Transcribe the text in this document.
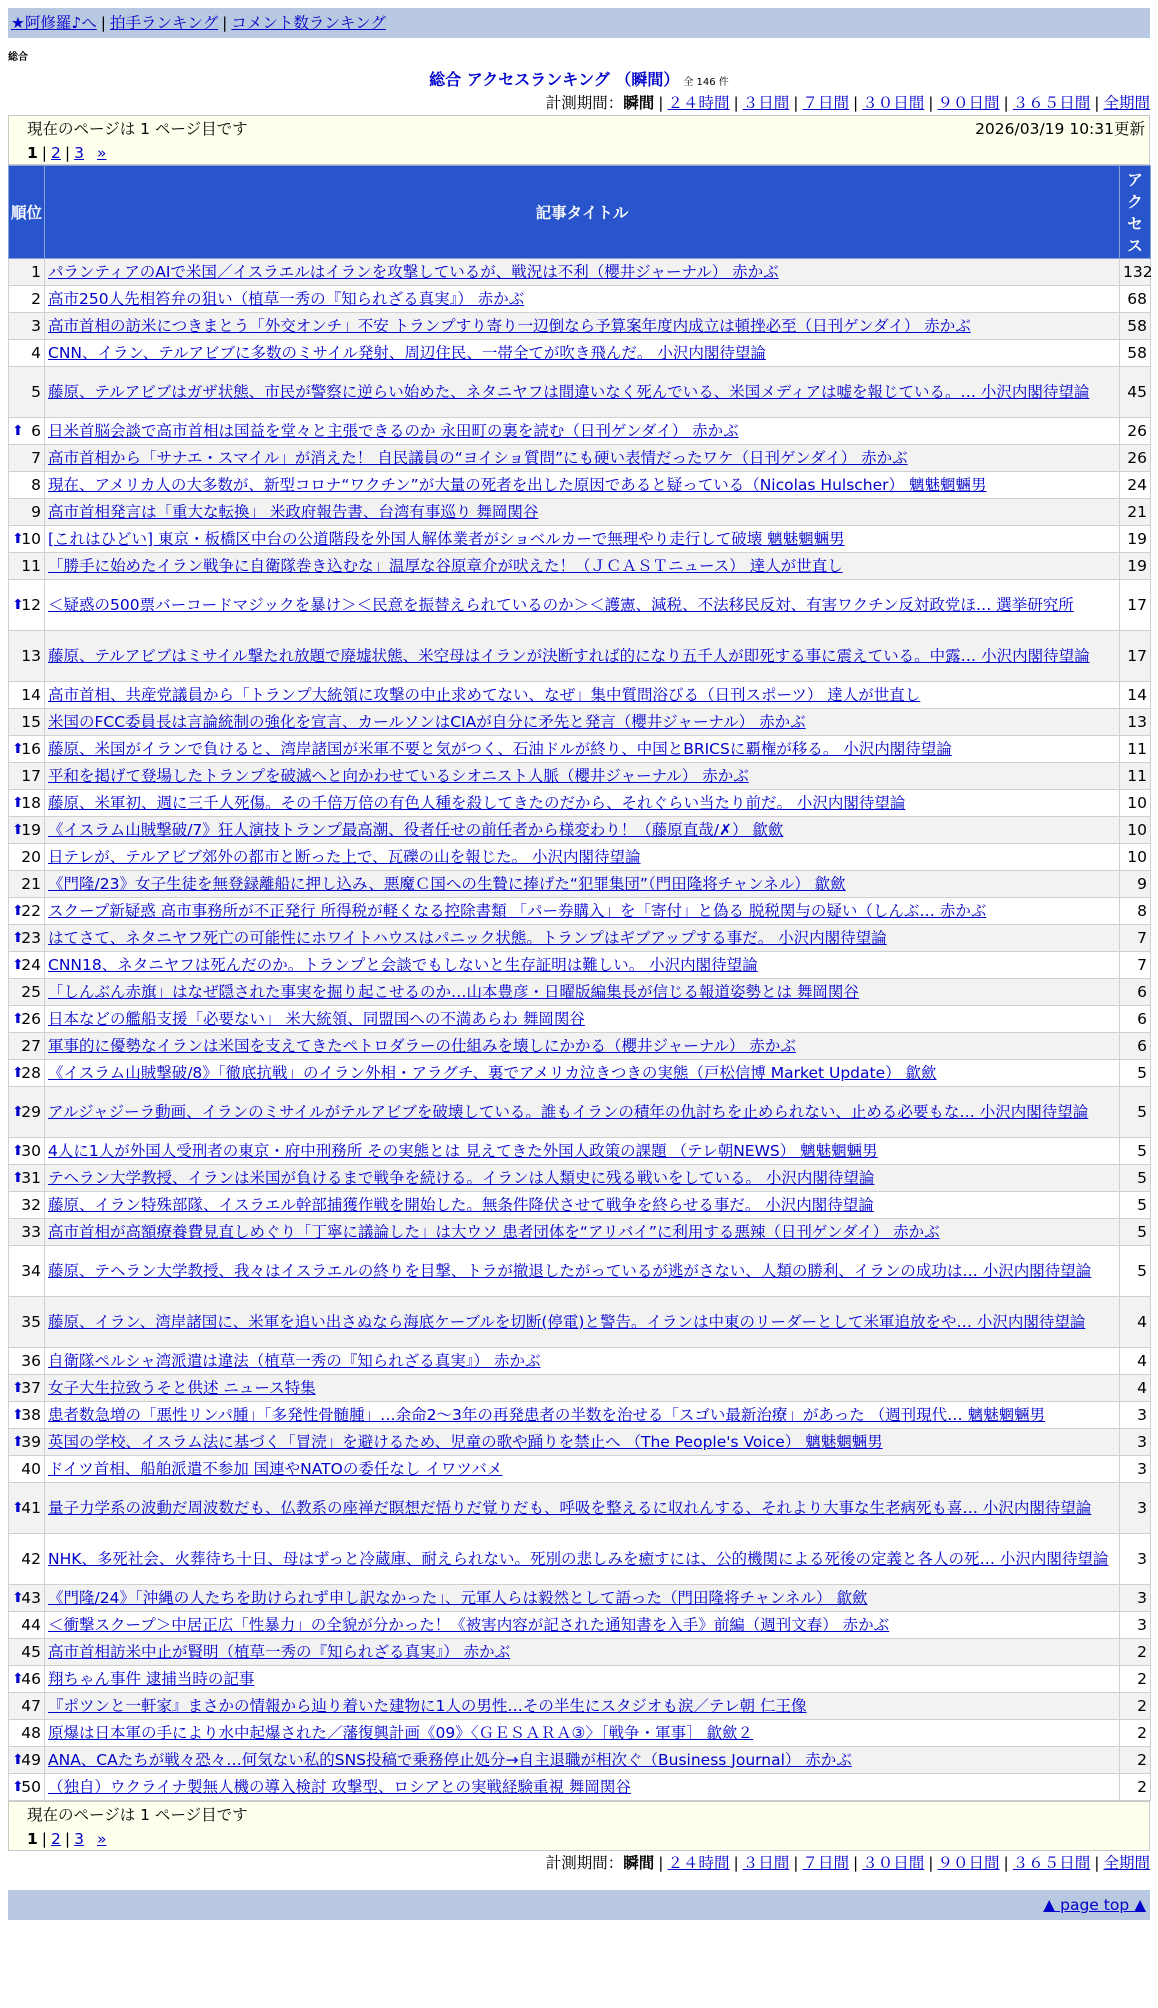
★阿修羅♪へ | 拍手ランキング | コメント数ランキング
総合
総合 アクセスランキング （瞬間） 全 146 件
計測期間：瞬間 | ２４時間 | ３日間 | ７日間 | ３０日間 | ９０日間 | ３６５日間 | 全期間
現在のページは 1 ページ目です	2026/03/19 10:31更新
1 | 2 | 3 »
順位	記事タイトル	アクセス
1	パランティアのAIで米国／イスラエルはイランを攻撃しているが、戦況は不利（櫻井ジャーナル） 赤かぶ	132
2	高市250人先相笞弁の狙い（植草一秀の『知られざる真実』） 赤かぶ	68
3	高市首相の訪米につきまとう「外交オンチ」不安 トランプすり寄り一辺倒なら予算案年度内成立は頓挫必至（日刊ゲンダイ） 赤かぶ	58
4	CNN、イラン、テルアビブに多数のミサイル発射、周辺住民、一帯全てが吹き飛んだ。 小沢内閣待望論	58
5	藤原、テルアビブはガザ状態、市民が警察に逆らい始めた、ネタニヤフは間違いなく死んでいる、米国メディアは嘘を報じている。… 小沢内閣待望論	45

⬆ 6	日米首脳会談で高市首相は国益を堂々と主張できるのか 永田町の裏を読む（日刊ゲンダイ） 赤かぶ	26
7	高市首相から「サナエ・スマイル」が消えた！ 自民議員の“ヨイショ質問”にも硬い表情だったワケ（日刊ゲンダイ） 赤かぶ	26
8	現在、アメリカ人の大多数が、新型コロナ“ワクチン”が大量の死者を出した原因であると疑っている（Nicolas Hulscher） 魑魅魍魎男	24
9	高市首相発言は「重大な転換」 米政府報告書、台湾有事巡り 舞岡関谷	21

⬆
10	[これはひどい] 東京・板橋区中台の公道階段を外国人解体業者がショベルカーで無理やり走行して破壊 魑魅魍魎男	19
11	「勝手に始めたイラン戦争に自衛隊巻き込むな」温厚な谷原章介が吠えた！（ＪＣＡＳＴニュース） 達人が世直し	19

⬆
12	＜疑惑の500票バーコードマジックを暴け＞＜民意を振替えられているのか＞＜護憲、減税、不法移民反対、有害ワクチン反対政党ほ… 選挙研究所	17
13	藤原、テルアビブはミサイル撃たれ放題で廃墟状態、米空母はイランが決断すれば的になり五千人が即死する事に震えている。中露… 小沢内閣待望論	17
14	高市首相、共産党議員から「トランプ大統領に攻撃の中止求めてない、なぜ」集中質問浴びる（日刊スポーツ） 達人が世直し	14
15	米国のFCC委員長は言論統制の強化を宣言、カールソンはCIAが自分に矛先と発言（櫻井ジャーナル） 赤かぶ	13

⬆
16	藤原、米国がイランで負けると、湾岸諸国が米軍不要と気がつく、石油ドルが終り、中国とBRICSに覇権が移る。 小沢内閣待望論	11
17	平和を掲げて登場したトランプを破滅へと向かわせているシオニスト人脈（櫻井ジャーナル） 赤かぶ	11

⬆
18	藤原、米軍初、週に三千人死傷。その千倍万倍の有色人種を殺してきたのだから、それぐらい当たり前だ。 小沢内閣待望論	10

⬆
19	《イスラム山賊撃破/7》狂人演技トランプ最高潮、役者任せの前任者から様変わり！（藤原直哉/✗） 歙歛	10
20	日テレが、テルアビブ郊外の都市と断った上で、瓦礫の山を報じた。 小沢内閣待望論	10
21	《門隆/23》女子生徒を無登録離船に押し込み、悪魔Ｃ国への生贄に捧げた“犯罪集団”（門田隆将チャンネル） 歙歛	9

⬆
22	スクープ新疑惑 高市事務所が不正発行 所得税が軽くなる控除書類 「パー券購入」を「寄付」と偽る 脱税関与の疑い（しんぶ… 赤かぶ	8

⬆
23	はてさて、ネタニヤフ死亡の可能性にホワイトハウスはパニック状態。トランプはギブアップする事だ。 小沢内閣待望論	7

⬆
24	CNN18、ネタニヤフは死んだのか。トランプと会談でもしないと生存証明は難しい。 小沢内閣待望論	7
25	「しんぶん赤旗」はなぜ隠された事実を掘り起こせるのか…山本豊彦・日曜版編集長が信じる報道姿勢とは 舞岡関谷	6

⬆
26	日本などの艦船支援「必要ない」 米大統領、同盟国への不満あらわ 舞岡関谷	6
27	軍事的に優勢なイランは米国を支えてきたペトロダラーの仕組みを壊しにかかる（櫻井ジャーナル） 赤かぶ	6

⬆
28	《イスラム山賊撃破/8》「徹底抗戦」のイラン外相・アラグチ、裏でアメリカ泣きつきの実態（戸松信博 Market Update） 歙歛	5

⬆
29	アルジャジーラ動画、イランのミサイルがテルアビブを破壊している。誰もイランの積年の仇討ちを止められない、止める必要もな… 小沢内閣待望論	5

⬆
30	4人に1人が外国人受刑者の東京・府中刑務所 その実態とは 見えてきた外国人政策の課題 （テレ朝NEWS） 魑魅魍魎男	5

⬆
31	テヘラン大学教授、イランは米国が負けるまで戦争を続ける。イランは人類史に残る戦いをしている。 小沢内閣待望論	5
32	藤原、イラン特殊部隊、イスラエル幹部捕獲作戦を開始した。無条件降伏させて戦争を終らせる事だ。 小沢内閣待望論	5
33	高市首相が高額療養費見直しめぐり「丁寧に議論した」は大ウソ 患者団体を“アリバイ”に利用する悪辣（日刊ゲンダイ） 赤かぶ	5
34	藤原、テヘラン大学教授、我々はイスラエルの終りを目撃、トラが撤退したがっているが逃がさない、人類の勝利、イランの成功は… 小沢内閣待望論	5
35	藤原、イラン、湾岸諸国に、米軍を追い出さぬなら海底ケーブルを切断(停電)と警告。イランは中東のリーダーとして米軍追放をや… 小沢内閣待望論	4
36	自衛隊ペルシャ湾派遣は違法（植草一秀の『知られざる真実』） 赤かぶ	4

⬆
37	女子大生拉致うそと供述 ニュース特集	4

⬆
38	患者数急増の「悪性リンパ腫」「多発性骨髄腫」…余命2～3年の再発患者の半数を治せる「スゴい最新治療」があった （週刊現代… 魑魅魍魎男	3

⬆
39	英国の学校、イスラム法に基づく「冒涜」を避けるため、児童の歌や踊りを禁止へ （The People's Voice） 魑魅魍魎男	3
40	ドイツ首相、船舶派遣不参加 国連やNATOの委任なし イワツバメ	3

⬆
41	量子力学系の波動だ周波数だも、仏教系の座禅だ瞑想だ悟りだ覚りだも、呼吸を整えるに収れんする、それより大事な生老病死も喜… 小沢内閣待望論	3
42	NHK、多死社会、火葬待ち十日、母はずっと冷蔵庫、耐えられない。死別の悲しみを癒すには、公的機関による死後の定義と各人の死… 小沢内閣待望論	3

⬆
43	《門隆/24》「沖縄の人たちを助けられず申し訳なかった」、元軍人らは毅然として語った（門田隆将チャンネル） 歙歛	3
44	＜衝撃スクープ＞中居正広「性暴力」の全貌が分かった！《被害内容が記された通知書を入手》前編（週刊文春） 赤かぶ	3
45	高市首相訪米中止が賢明（植草一秀の『知られざる真実』） 赤かぶ	2

⬆
46	翔ちゃん事件 逮捕当時の記事	2
47	『ポツンと一軒家』まさかの情報から辿り着いた建物に1人の男性…その半生にスタジオも涙／テレ朝 仁王像	2
48	原爆は日本軍の手により水中起爆された／藩復興計画《09》〈ＧＥＳＡＲＡ③〉［戦争・軍事］ 歙歛２	2

⬆
49	ANA、CAたちが戦々恐々…何気ない私的SNS投稿で乗務停止処分→自主退職が相次ぐ（Business Journal） 赤かぶ	2

⬆
50	（独自）ウクライナ製無人機の導入検討 攻撃型、ロシアとの実戦経験重視 舞岡関谷	2
現在のページは 1 ページ目です
1 | 2 | 3 »
計測期間：瞬間 | ２４時間 | ３日間 | ７日間 | ３０日間 | ９０日間 | ３６５日間 | 全期間
▲ page top ▲
